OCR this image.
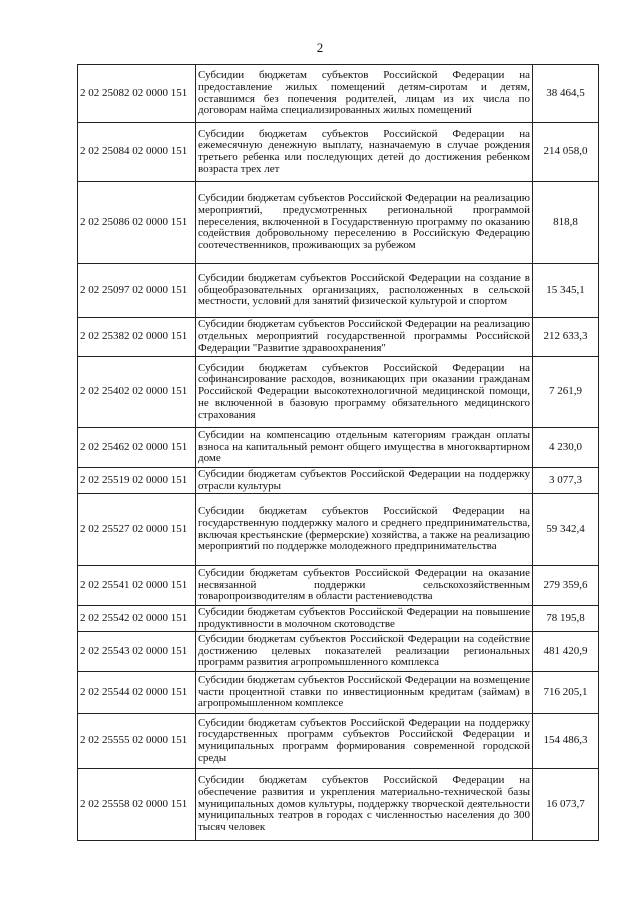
2
2 02 25082 02 0000 151	Субсидии бюджетам субъектов Российской Федерации на предоставление жилых помещений детям-сиротам и детям, оставшимся без попечения родителей, лицам из их числа по договорам найма специализированных жилых помещений	38 464,5
2 02 25084 02 0000 151	Субсидии бюджетам субъектов Российской Федерации на ежемесячную денежную выплату, назначаемую в случае рождения третьего ребенка или последующих детей до достижения ребенком возраста трех лет	214 058,0
2 02 25086 02 0000 151	Субсидии бюджетам субъектов Российской Федерации на реализацию мероприятий, предусмотренных региональной программой переселения, включенной в Государственную программу по оказанию содействия добровольному переселению в Российскую Федерацию соотечественников, проживающих за рубежом	818,8
2 02 25097 02 0000 151	Субсидии бюджетам субъектов Российской Федерации на создание в общеобразовательных организациях, расположенных в сельской местности, условий для занятий физической культурой и спортом	15 345,1
2 02 25382 02 0000 151	Субсидии бюджетам субъектов Российской Федерации на реализацию отдельных мероприятий государственной программы Российской Федерации "Развитие здравоохранения"	212 633,3
2 02 25402 02 0000 151	Субсидии бюджетам субъектов Российской Федерации на софинансирование расходов, возникающих при оказании гражданам Российской Федерации высокотехнологичной медицинской помощи, не включенной в базовую программу обязательного медицинского страхования	7 261,9
2 02 25462 02 0000 151	Субсидии на компенсацию отдельным категориям граждан оплаты взноса на капитальный ремонт общего имущества в многоквартирном доме	4 230,0
2 02 25519 02 0000 151	Субсидии бюджетам субъектов Российской Федерации на поддержку отрасли культуры	3 077,3
2 02 25527 02 0000 151	Субсидии бюджетам субъектов Российской Федерации на государственную поддержку малого и среднего предпринимательства, включая крестьянские (фермерские) хозяйства, а также на реализацию мероприятий по поддержке молодежного предпринимательства	59 342,4
2 02 25541 02 0000 151	Субсидии бюджетам субъектов Российской Федерации на оказание несвязанной поддержки сельскохозяйственным товаропроизводителям в области растениеводства	279 359,6
2 02 25542 02 0000 151	Субсидии бюджетам субъектов Российской Федерации на повышение продуктивности в молочном скотоводстве	78 195,8
2 02 25543 02 0000 151	Субсидии бюджетам субъектов Российской Федерации на содействие достижению целевых показателей реализации региональных программ развития агропромышленного комплекса	481 420,9
2 02 25544 02 0000 151	Субсидии бюджетам субъектов Российской Федерации на возмещение части процентной ставки по инвестиционным кредитам (займам) в агропромышленном комплексе	716 205,1
2 02 25555 02 0000 151	Субсидии бюджетам субъектов Российской Федерации на поддержку государственных программ субъектов Российской Федерации и муниципальных программ формирования современной городской среды	154 486,3
2 02 25558 02 0000 151	Субсидии бюджетам субъектов Российской Федерации на обеспечение развития и укрепления материально-технической базы муниципальных домов культуры, поддержку творческой деятельности муниципальных театров в городах с численностью населения до 300 тысяч человек	16 073,7
